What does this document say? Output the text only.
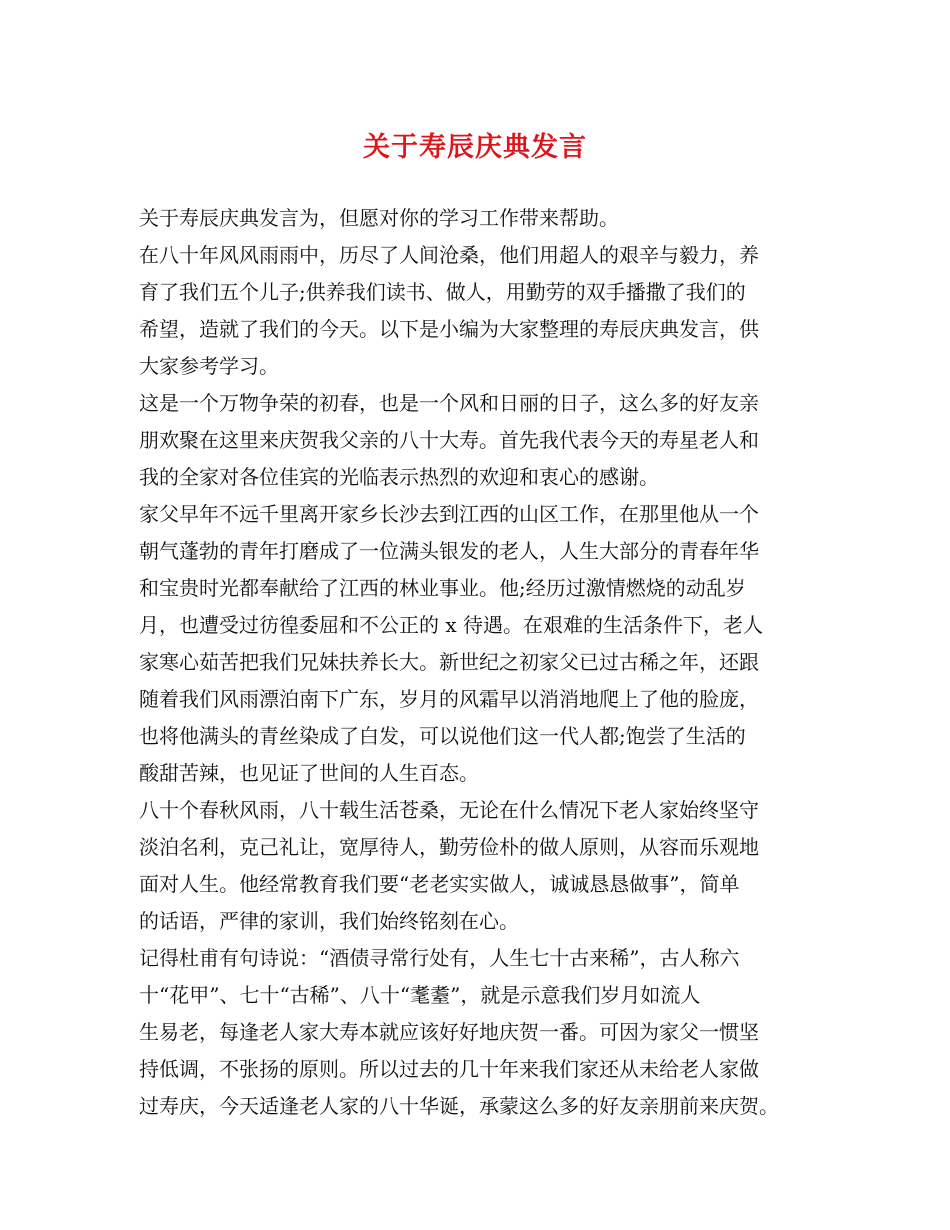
关于寿辰庆典发言
关于寿辰庆典发言为，但愿对你的学习工作带来帮助。
在八十年风风雨雨中，历尽了人间沧桑，他们用超人的艰辛与毅力，养
育了我们五个儿子;供养我们读书、做人，用勤劳的双手播撒了我们的
希望，造就了我们的今天。以下是小编为大家整理的寿辰庆典发言，供
大家参考学习。
这是一个万物争荣的初春，也是一个风和日丽的日子，这么多的好友亲
朋欢聚在这里来庆贺我父亲的八十大寿。首先我代表今天的寿星老人和
我的全家对各位佳宾的光临表示热烈的欢迎和衷心的感谢。
家父早年不远千里离开家乡长沙去到江西的山区工作，在那里他从一个
朝气蓬勃的青年打磨成了一位满头银发的老人，人生大部分的青春年华
和宝贵时光都奉献给了江西的林业事业。他;经历过激情燃烧的动乱岁
月，也遭受过彷徨委屈和不公正的 x 待遇。在艰难的生活条件下，老人
家寒心茹苦把我们兄妹扶养长大。新世纪之初家父已过古稀之年，还跟
随着我们风雨漂泊南下广东，岁月的风霜早以消消地爬上了他的脸庞，
也将他满头的青丝染成了白发，可以说他们这一代人都;饱尝了生活的
酸甜苦辣，也见证了世间的人生百态。
八十个春秋风雨，八十载生活苍桑，无论在什么情况下老人家始终坚守
淡泊名利，克己礼让，宽厚待人，勤劳俭朴的做人原则，从容而乐观地
面对人生。他经常教育我们要“老老实实做人，诚诚恳恳做事”，简单
的话语，严律的家训，我们始终铭刻在心。
记得杜甫有句诗说：“酒债寻常行处有，人生七十古来稀”，古人称六
十“花甲”、七十“古稀”、八十“耄耋”，就是示意我们岁月如流人
生易老，每逢老人家大寿本就应该好好地庆贺一番。可因为家父一惯坚
持低调，不张扬的原则。所以过去的几十年来我们家还从未给老人家做
过寿庆，今天适逢老人家的八十华诞，承蒙这么多的好友亲朋前来庆贺。
